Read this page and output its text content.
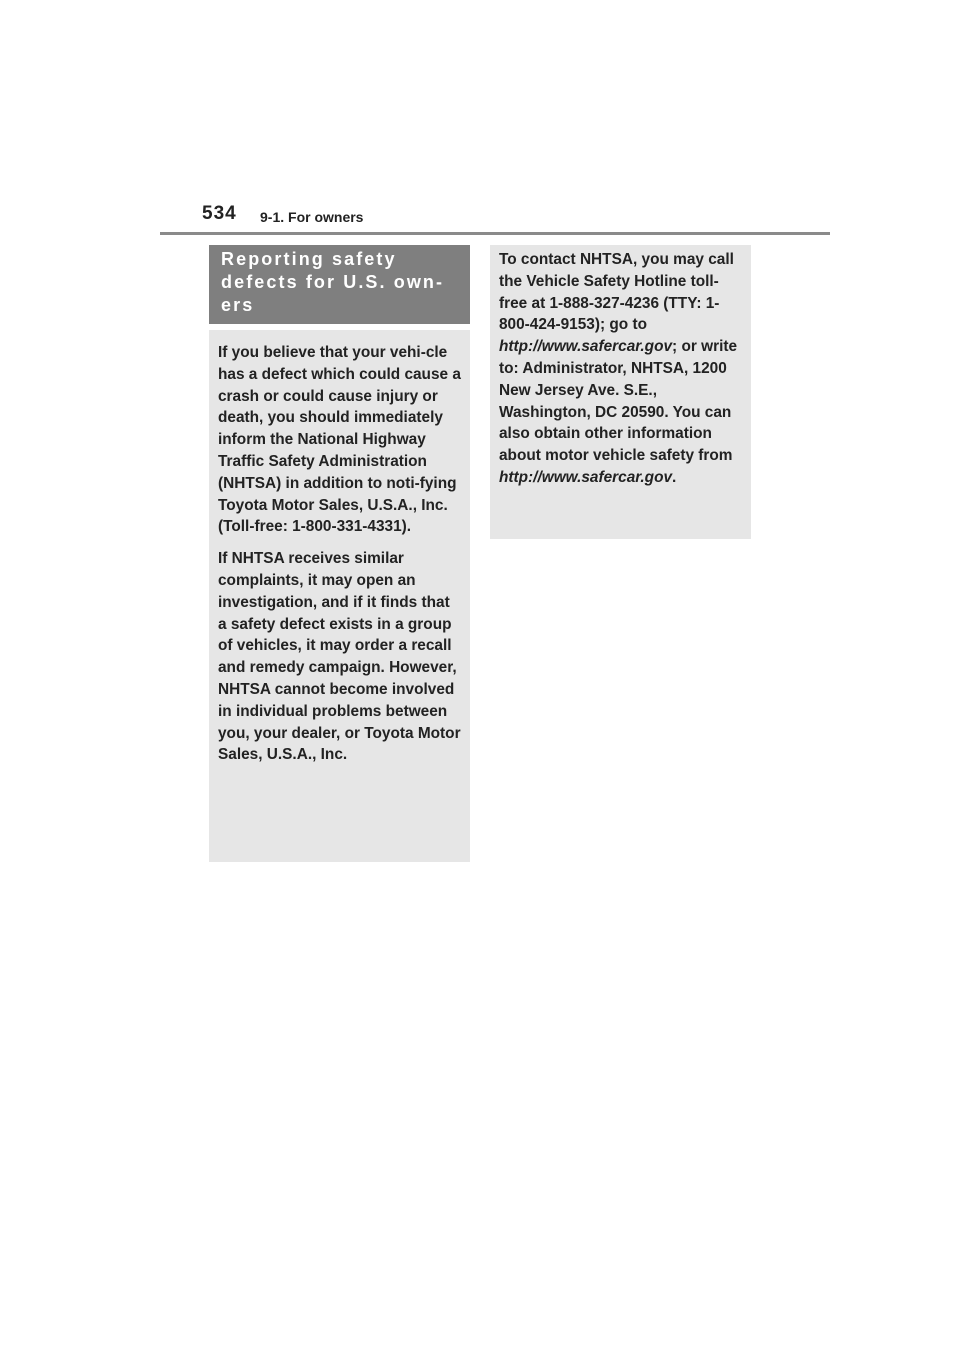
534 9-1. For owners
Reporting safety defects for U.S. own-ers

If you believe that your vehi-cle has a defect which could cause a crash or could cause injury or death, you should immediately inform the National Highway Traffic Safety Administration (NHTSA) in addition to noti-fying Toyota Motor Sales, U.S.A., Inc. (Toll-free: 1-800-331-4331).

If NHTSA receives similar complaints, it may open an investigation, and if it finds that a safety defect exists in a group of vehicles, it may order a recall and remedy campaign. However, NHTSA cannot become involved in individual problems between you, your dealer, or Toyota Motor Sales, U.S.A., Inc.

To contact NHTSA, you may call the Vehicle Safety Hotline toll-free at 1-888-327-4236 (TTY: 1-800-424-9153); go to
http://www.safercar.gov; or write to: Administrator, NHTSA, 1200 New Jersey Ave. S.E., Washington, DC 20590. You can also obtain other information about motor vehicle safety from
http://www.safercar.gov.
